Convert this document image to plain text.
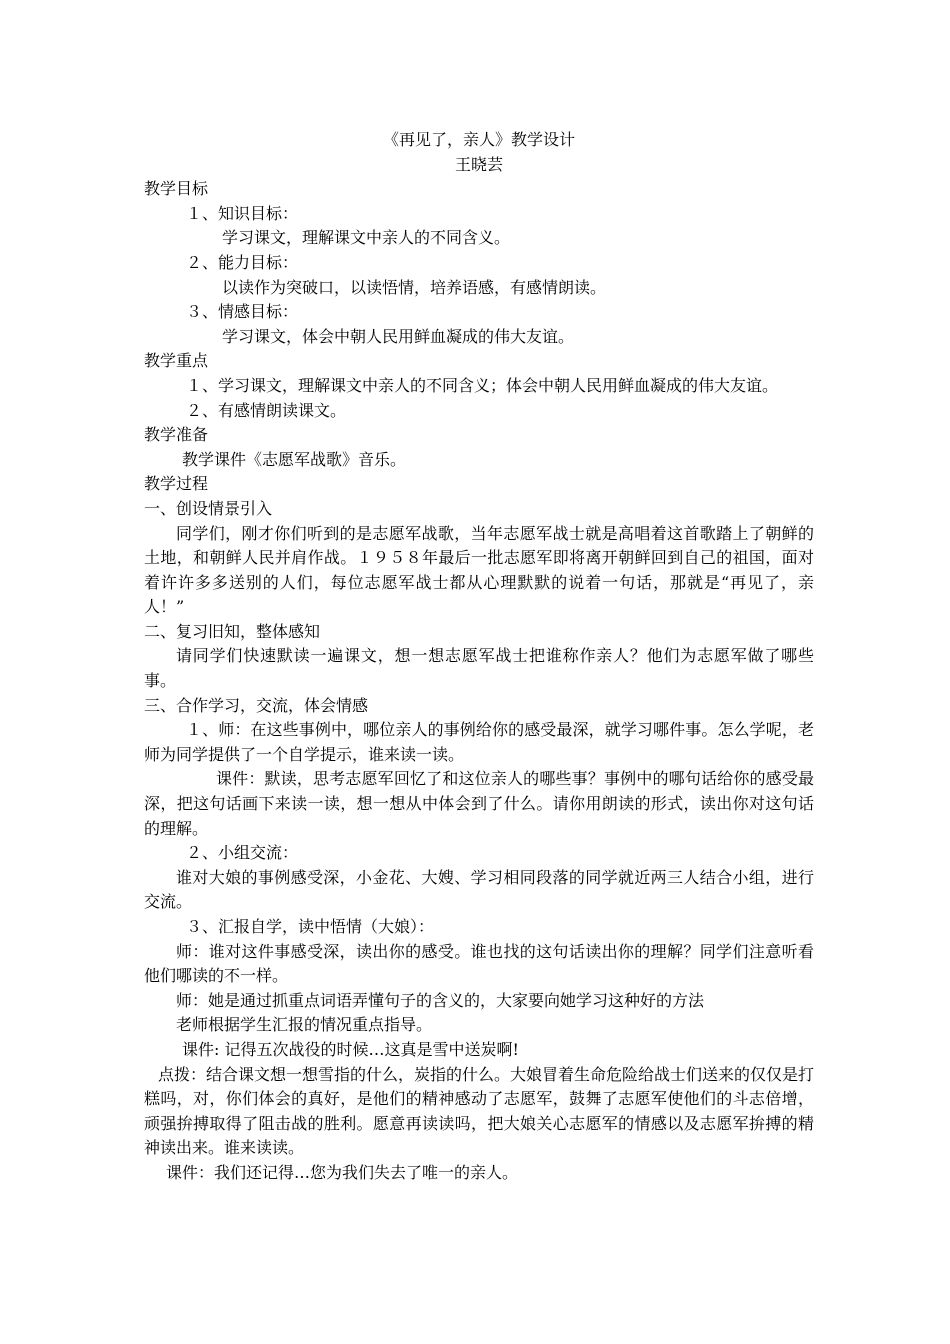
《再见了，亲人》教学设计
王晓芸
教学目标
１、知识目标：
学习课文，理解课文中亲人的不同含义。
２、能力目标：
以读作为突破口，以读悟情，培养语感，有感情朗读。
３、情感目标：
学习课文，体会中朝人民用鲜血凝成的伟大友谊。
教学重点
１、学习课文，理解课文中亲人的不同含义；体会中朝人民用鲜血凝成的伟大友谊。
２、有感情朗读课文。
教学准备
教学课件《志愿军战歌》音乐。
教学过程
一、创设情景引入
同学们，刚才你们听到的是志愿军战歌，当年志愿军战士就是高唱着这首歌踏上了朝鲜的土地，和朝鲜人民并肩作战。１９５８年最后一批志愿军即将离开朝鲜回到自己的祖国，面对着许许多多送别的人们，每位志愿军战士都从心理默默的说着一句话，那就是“再见了，亲人！”
二、复习旧知，整体感知
请同学们快速默读一遍课文，想一想志愿军战士把谁称作亲人？他们为志愿军做了哪些事。
三、合作学习，交流，体会情感
１、师：在这些事例中，哪位亲人的事例给你的感受最深，就学习哪件事。怎么学呢，老师为同学提供了一个自学提示，谁来读一读。
课件：默读，思考志愿军回忆了和这位亲人的哪些事？事例中的哪句话给你的感受最深，把这句话画下来读一读，想一想从中体会到了什么。请你用朗读的形式，读出你对这句话的理解。
２、小组交流：
谁对大娘的事例感受深，小金花、大嫂、学习相同段落的同学就近两三人结合小组，进行交流。
３、汇报自学，读中悟情（大娘）：
师：谁对这件事感受深，读出你的感受。谁也找的这句话读出你的理解？同学们注意听看他们哪读的不一样。
师：她是通过抓重点词语弄懂句子的含义的，大家要向她学习这种好的方法
老师根据学生汇报的情况重点指导。
课件: 记得五次战役的时候…这真是雪中送炭啊!
点拨：结合课文想一想雪指的什么，炭指的什么。大娘冒着生命危险给战士们送来的仅仅是打糕吗，对，你们体会的真好，是他们的精神感动了志愿军，鼓舞了志愿军使他们的斗志倍增，顽强拚搏取得了阻击战的胜利。愿意再读读吗，把大娘关心志愿军的情感以及志愿军拚搏的精神读出来。谁来读读。
课件：我们还记得…您为我们失去了唯一的亲人。
